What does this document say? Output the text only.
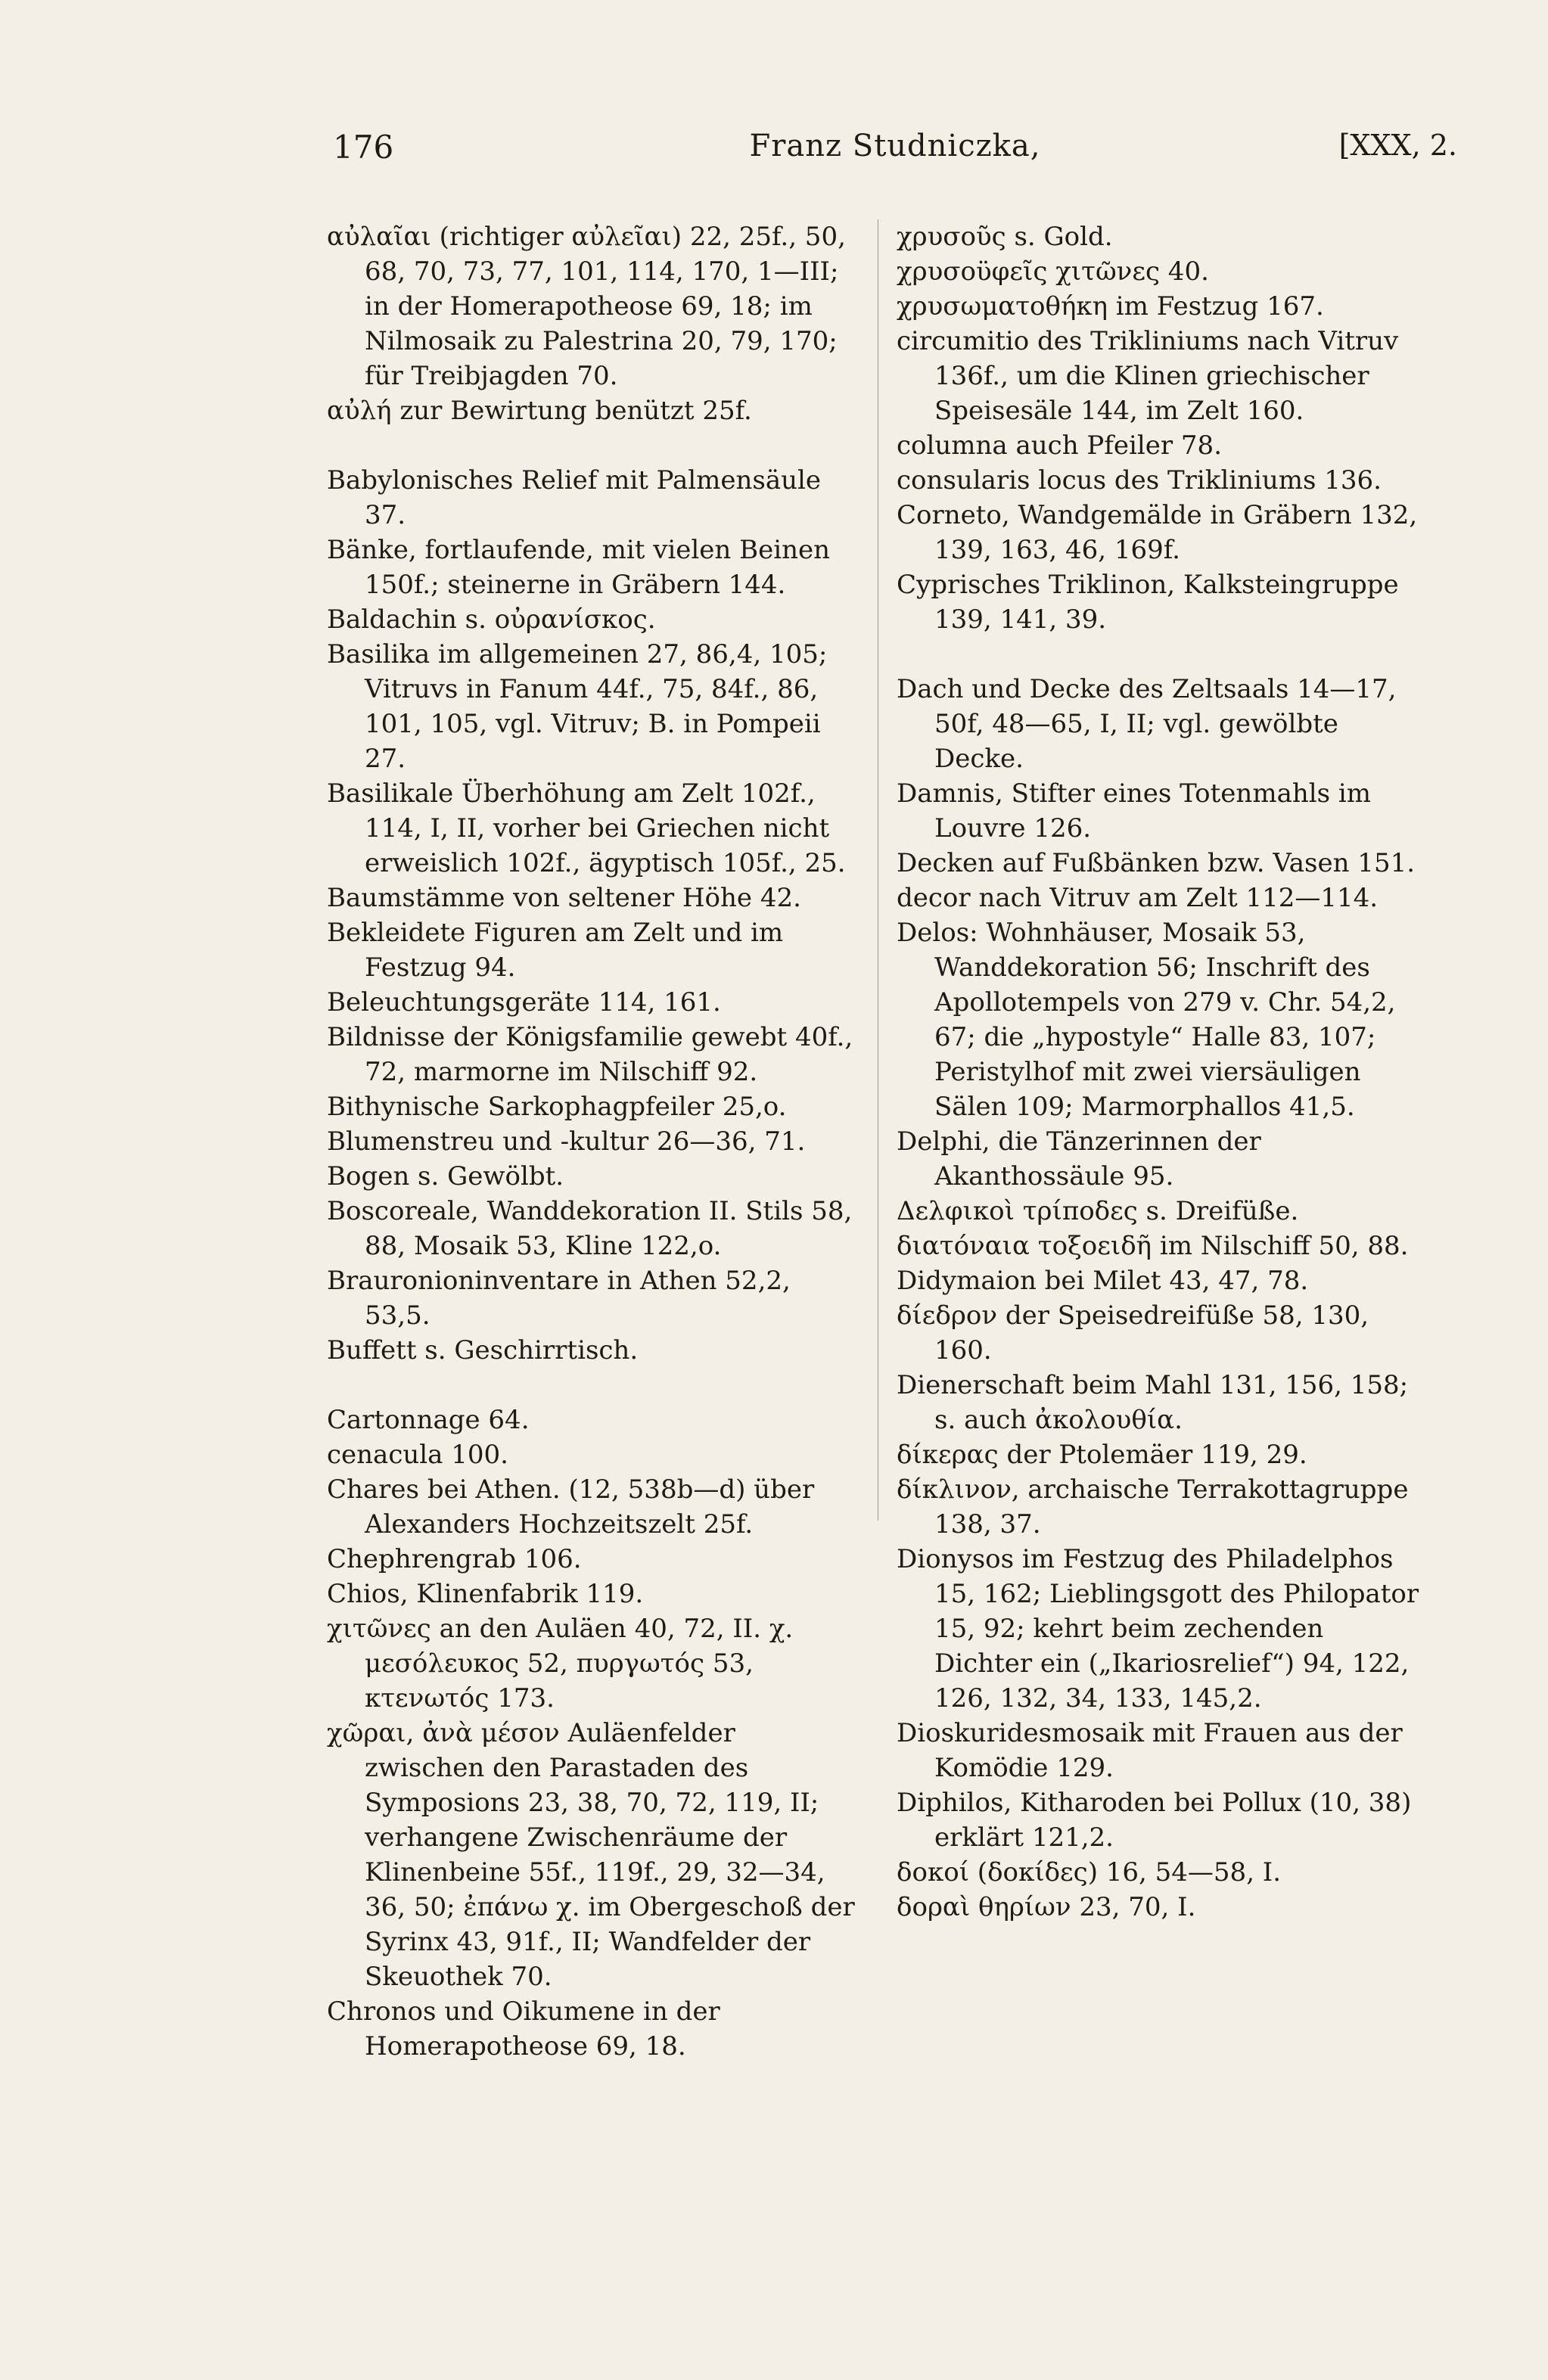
176	Franz Studniczka,	[XXX, 2.

αὐλαῖαι (richtiger αὐλεῖαι) 22, 25f., 50, 68, 70, 73, 77, 101, 114, 170, 1—III; in der Homerapotheose 69, 18; im Nilmosaik zu Palestrina 20, 79, 170; für Treibjagden 70.

αὐλή zur Bewirtung benützt 25f.

Babylonisches Relief mit Palmensäule 37.

Bänke, fortlaufende, mit vielen Beinen 150f.; steinerne in Gräbern 144.

Baldachin s. οὐρανίσκος.

Basilika im allgemeinen 27, 86,4, 105; Vitruvs in Fanum 44f., 75, 84f., 86, 101, 105, vgl. Vitruv; B. in Pompeii 27.

Basilikale Überhöhung am Zelt 102f., 114, I, II, vorher bei Griechen nicht erweislich 102f., ägyptisch 105f., 25.

Baumstämme von seltener Höhe 42.

Bekleidete Figuren am Zelt und im Festzug 94.

Beleuchtungsgeräte 114, 161.

Bildnisse der Königsfamilie gewebt 40f., 72, marmorne im Nilschiff 92.

Bithynische Sarkophagpfeiler 25,o.

Blumenstreu und -kultur 26—36, 71.

Bogen s. Gewölbt.

Boscoreale, Wanddekoration II. Stils 58, 88, Mosaik 53, Kline 122,o.

Brauronioninventare in Athen 52,2, 53,5.

Buffett s. Geschirrtisch.

Cartonnage 64.

cenacula 100.

Chares bei Athen. (12, 538b—d) über Alexanders Hochzeitszelt 25f.

Chephrengrab 106.

Chios, Klinenfabrik 119.

χιτῶνες an den Auläen 40, 72, II. χ. μεσόλευκος 52, πυργωτός 53, κτενωτός 173.

χῶραι, ἀνὰ μέσον Auläenfelder zwischen den Parastaden des Symposions 23, 38, 70, 72, 119, II; verhangene Zwischenräume der Klinenbeine 55f., 119f., 29, 32—34, 36, 50; ἐπάνω χ. im Obergeschoß der Syrinx 43, 91f., II; Wandfelder der Skeuothek 70.

Chronos und Oikumene in der Homerapotheose 69, 18.

χρυσοῦς s. Gold.

χρυσοϋφεῖς χιτῶνες 40.

χρυσωματοθήκη im Festzug 167.

circumitio des Trikliniums nach Vitruv 136f., um die Klinen griechischer Speisesäle 144, im Zelt 160.

columna auch Pfeiler 78.

consularis locus des Trikliniums 136.

Corneto, Wandgemälde in Gräbern 132, 139, 163, 46, 169f.

Cyprisches Triklinon, Kalksteingruppe 139, 141, 39.

Dach und Decke des Zeltsaals 14—17, 50f, 48—65, I, II; vgl. gewölbte Decke.

Damnis, Stifter eines Totenmahls im Louvre 126.

Decken auf Fußbänken bzw. Vasen 151.

decor nach Vitruv am Zelt 112—114.

Delos: Wohnhäuser, Mosaik 53, Wanddekoration 56; Inschrift des Apollotempels von 279 v. Chr. 54,2, 67; die „hypostyle“ Halle 83, 107; Peristylhof mit zwei viersäuligen Sälen 109; Marmorphallos 41,5.

Delphi, die Tänzerinnen der Akanthossäule 95.

Δελφικοὶ τρίποδες s. Dreifüße.

διατόναια τοξοειδῆ im Nilschiff 50, 88.

Didymaion bei Milet 43, 47, 78.

δίεδρον der Speisedreifüße 58, 130, 160.

Dienerschaft beim Mahl 131, 156, 158; s. auch ἀκολουθία.

δίκερας der Ptolemäer 119, 29.

δίκλινον, archaische Terrakottagruppe 138, 37.

Dionysos im Festzug des Philadelphos 15, 162; Lieblingsgott des Philopator 15, 92; kehrt beim zechenden Dichter ein („Ikariosrelief“) 94, 122, 126, 132, 34, 133, 145,2.

Dioskuridesmosaik mit Frauen aus der Komödie 129.

Diphilos, Kitharoden bei Pollux (10, 38) erklärt 121,2.

δοκοί (δοκίδες) 16, 54—58, I.

δοραὶ θηρίων 23, 70, I.
